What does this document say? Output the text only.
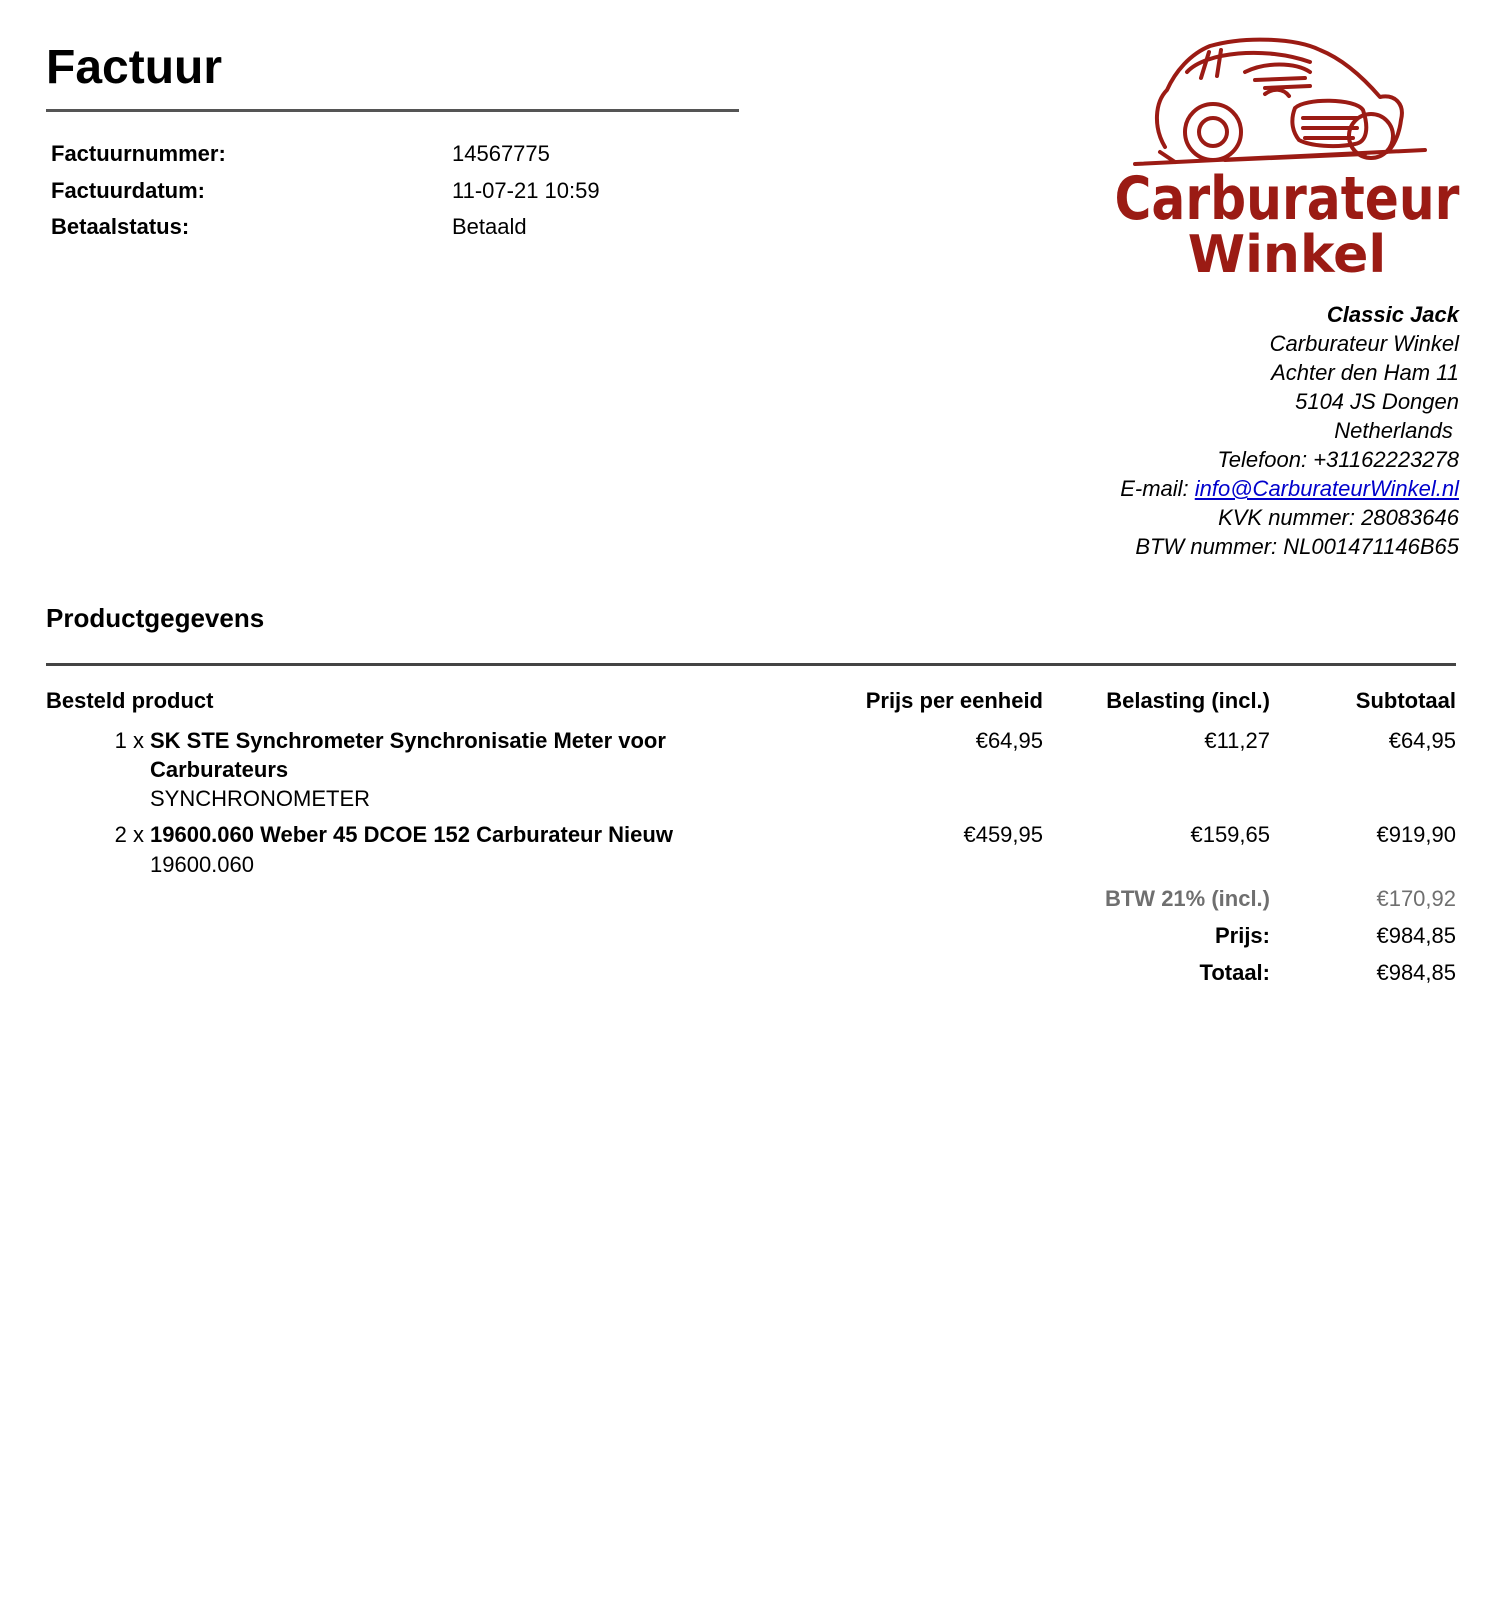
Factuur
Factuurnummer:	14567775
Factuurdatum:	11-07-21 10:59
Betaalstatus:	Betaald	Carburateur
Winkel
Classic Jack
Carburateur Winkel
Achter den Ham 11
5104 JS Dongen
Netherlands
Telefoon: +31162223278
E-mail: info@CarburateurWinkel.nl
KVK nummer: 28083646
BTW nummer: NL001471146B65
Productgegevens
Besteld product	Prijs per eenheid	Belasting (incl.)	Subtotaal
1 x SK STE Synchrometer Synchronisatie Meter voor
Carburateurs
SYNCHRONOMETER
€64,95	€11,27	€64,95
2 x 19600.060 Weber 45 DCOE 152 Carburateur Nieuw
19600.060
€459,95	€159,65	€919,90
BTW 21% (incl.)	€170,92
Prijs:	€984,85
Totaal:	€984,85
